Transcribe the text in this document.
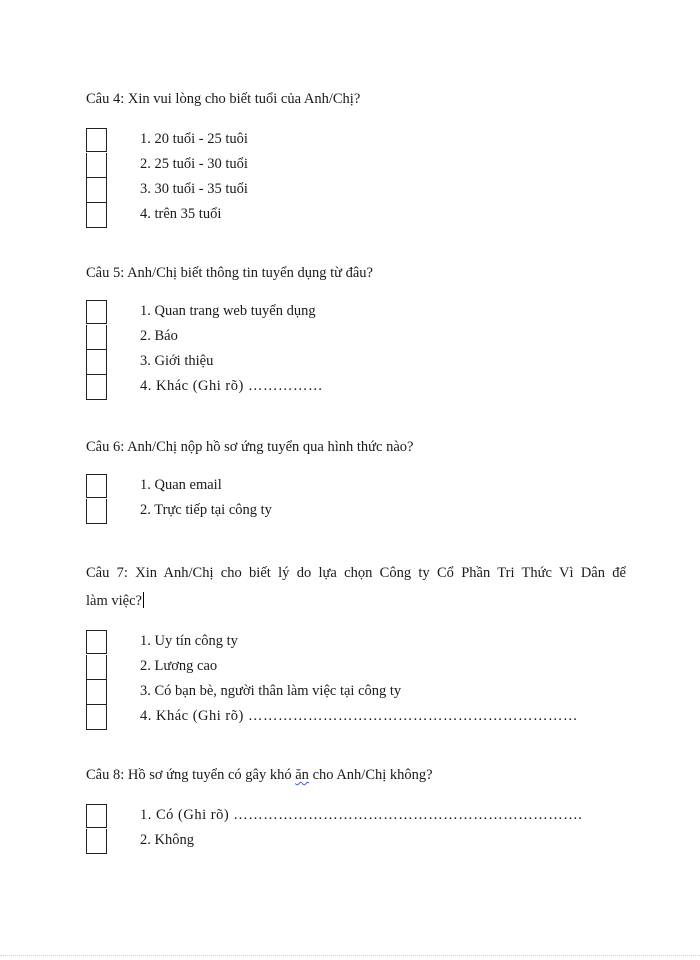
Câu 4: Xin vui lòng cho biết tuổi của Anh/Chị?

1. 20 tuổi - 25 tuôi
2. 25 tuổi - 30 tuổi
3. 30 tuổi - 35 tuổi
4. trên 35 tuổi

Câu 5: Anh/Chị biết thông tin tuyển dụng từ đâu?

1. Quan trang web tuyển dụng
2. Báo
3. Giới thiệu
4. Khác (Ghi rõ) ……………

Câu 6: Anh/Chị nộp hồ sơ ứng tuyển qua hình thức nào?

1. Quan email
2. Trực tiếp tại công ty

Câu 7: Xin Anh/Chị cho biết lý do lựa chọn Công ty Cổ Phần Tri Thức Vì Dân để

làm việc?

1. Uy tín công ty
2. Lương cao
3. Có bạn bè, người thân làm việc tại công ty
4. Khác (Ghi rõ) …………………………………………………………

Câu 8: Hồ sơ ứng tuyển có gây khó ăn cho Anh/Chị không?

1. Có (Ghi rõ) …………………………………………………………….
2. Không
